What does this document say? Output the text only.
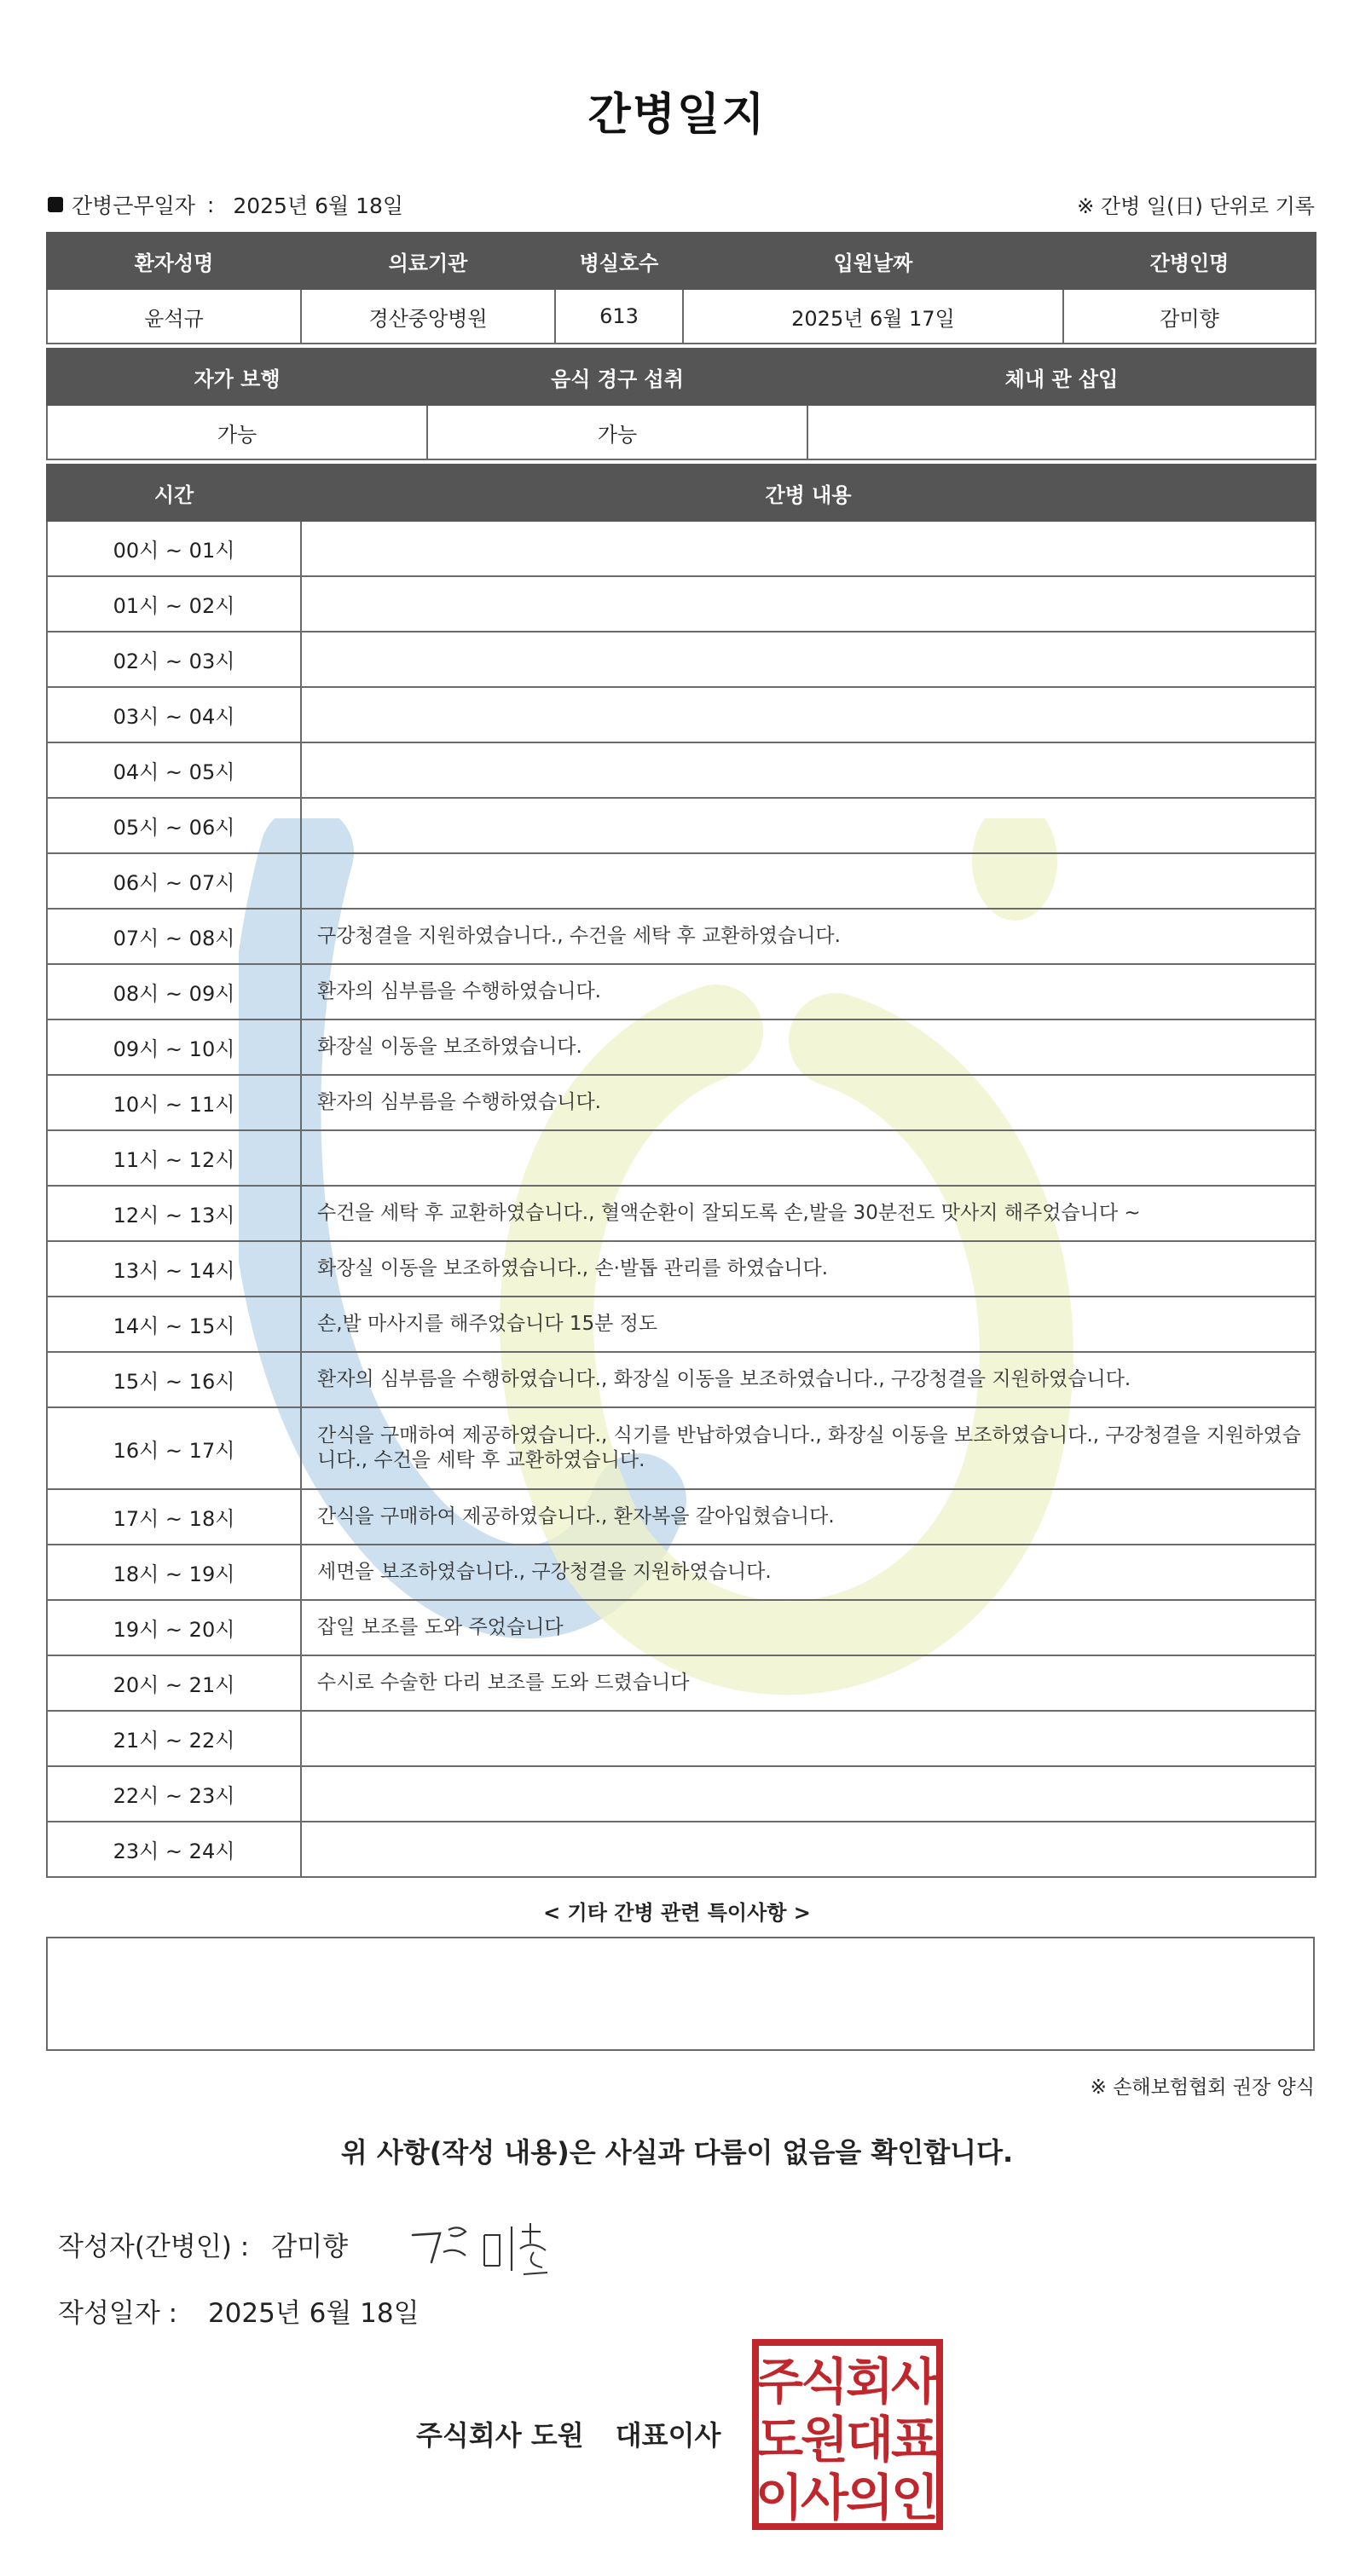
간병일지
간병근무일자 : 2025년 6월 18일	※ 간병 일(日) 단위로 기록
환자성명	의료기관	병실호수	입원날짜	간병인명
윤석규	경산중앙병원	613	2025년 6월 17일	감미향
자가 보행	음식 경구 섭취	체내 관 삽입
가능	가능	
시간	간병 내용
00시 ~ 01시	
01시 ~ 02시	
02시 ~ 03시	
03시 ~ 04시	
04시 ~ 05시	
05시 ~ 06시	
06시 ~ 07시	
07시 ~ 08시	구강청결을 지원하였습니다., 수건을 세탁 후 교환하였습니다.
08시 ~ 09시	환자의 심부름을 수행하였습니다.
09시 ~ 10시	화장실 이동을 보조하였습니다.
10시 ~ 11시	환자의 심부름을 수행하였습니다.
11시 ~ 12시	
12시 ~ 13시	수건을 세탁 후 교환하였습니다., 혈액순환이 잘되도록 손,발을 30분전도 맛사지 해주었습니다 ~
13시 ~ 14시	화장실 이동을 보조하였습니다., 손·발톱 관리를 하였습니다.
14시 ~ 15시	손,발 마사지를 해주었습니다 15분 정도
15시 ~ 16시	환자의 심부름을 수행하였습니다., 화장실 이동을 보조하였습니다., 구강청결을 지원하였습니다.
16시 ~ 17시	간식을 구매하여 제공하였습니다., 식기를 반납하였습니다., 화장실 이동을 보조하였습니다., 구강청결을 지원하였습니다., 수건을 세탁 후 교환하였습니다.
17시 ~ 18시	간식을 구매하여 제공하였습니다., 환자복을 갈아입혔습니다.
18시 ~ 19시	세면을 보조하였습니다., 구강청결을 지원하였습니다.
19시 ~ 20시	잡일 보조를 도와 주었습니다
20시 ~ 21시	수시로 수술한 다리 보조를 도와 드렸습니다
21시 ~ 22시	
22시 ~ 23시	
23시 ~ 24시	
< 기타 간병 관련 특이사항 >
※ 손해보험협회 권장 양식
위 사항(작성 내용)은 사실과 다름이 없음을 확인합니다.
작성자(간병인) : 감미향
작성일자 : 2025년 6월 18일
주식회사 도원 대표이사
주
식
회
사
도
원
대
표
이
사
의
인
